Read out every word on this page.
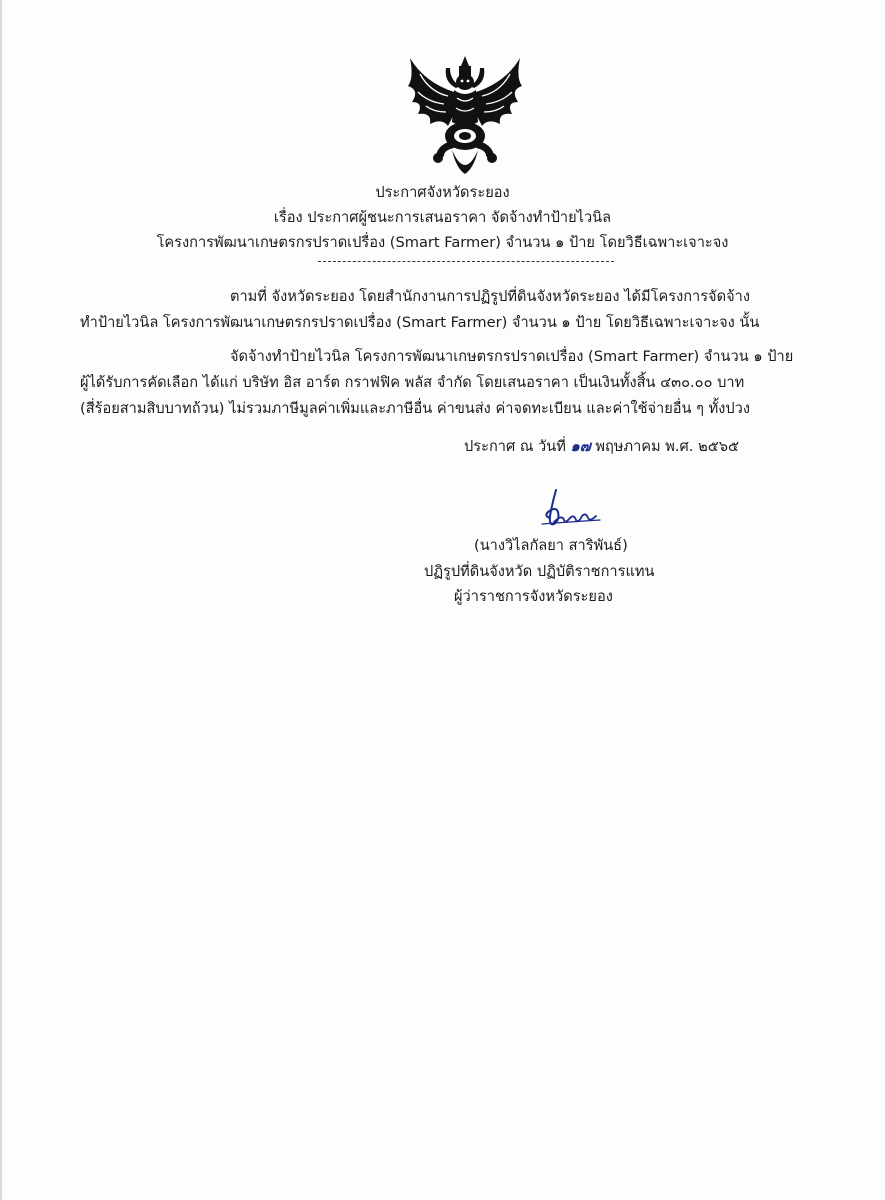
ประกาศจังหวัดระยอง
เรื่อง ประกาศผู้ชนะการเสนอราคา จัดจ้างทำป้ายไวนิล
โครงการพัฒนาเกษตรกรปราดเปรื่อง (Smart Farmer) จำนวน ๑ ป้าย โดยวิธีเฉพาะเจาะจง
ตามที่ จังหวัดระยอง โดยสำนักงานการปฏิรูปที่ดินจังหวัดระยอง ได้มีโครงการจัดจ้าง
ทำป้ายไวนิล โครงการพัฒนาเกษตรกรปราดเปรื่อง (Smart Farmer) จำนวน ๑ ป้าย โดยวิธีเฉพาะเจาะจง นั้น
จัดจ้างทำป้ายไวนิล โครงการพัฒนาเกษตรกรปราดเปรื่อง (Smart Farmer) จำนวน ๑ ป้าย
ผู้ได้รับการคัดเลือก ได้แก่ บริษัท อิส อาร์ต กราฟฟิค พลัส จำกัด โดยเสนอราคา เป็นเงินทั้งสิ้น ๔๓๐.๐๐ บาท
(สี่ร้อยสามสิบบาทถ้วน) ไม่รวมภาษีมูลค่าเพิ่มและภาษีอื่น ค่าขนส่ง ค่าจดทะเบียน และค่าใช้จ่ายอื่น ๆ ทั้งปวง
ประกาศ ณ วันที่ ๑๗ พฤษภาคม พ.ศ. ๒๕๖๕
(นางวิไลกัลยา สาริพันธ์)
ปฏิรูปที่ดินจังหวัด ปฏิบัติราชการแทน
ผู้ว่าราชการจังหวัดระยอง
